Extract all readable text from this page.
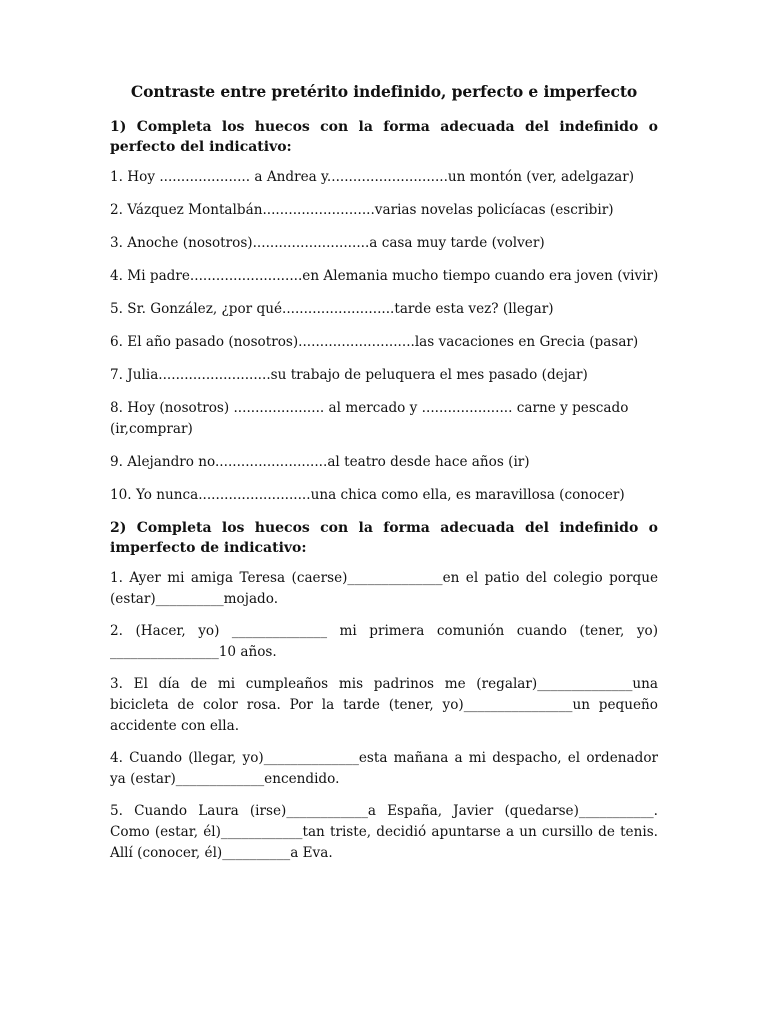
Contraste entre pretérito indefinido, perfecto e imperfecto
1) Completa los huecos con la forma adecuada del indefinido o perfecto del indicativo:
1. Hoy ..................... a Andrea y............................un montón (ver, adelgazar)
2. Vázquez Montalbán..........................varias novelas policíacas (escribir)
3. Anoche (nosotros)...........................a casa muy tarde (volver)
4. Mi padre..........................en Alemania mucho tiempo cuando era joven (vivir)
5. Sr. González, ¿por qué..........................tarde esta vez? (llegar)
6. El año pasado (nosotros)...........................las vacaciones en Grecia (pasar)
7. Julia..........................su trabajo de peluquera el mes pasado (dejar)
8. Hoy (nosotros) ..................... al mercado y ..................... carne y pescado (ir,comprar)
9. Alejandro no..........................al teatro desde hace años (ir)
10. Yo nunca..........................una chica como ella, es maravillosa (conocer)
2) Completa los huecos con la forma adecuada del indefinido o imperfecto de indicativo:
1. Ayer mi amiga Teresa (caerse)______________en el patio del colegio porque (estar)__________mojado.
2. (Hacer, yo) ______________ mi primera comunión cuando (tener, yo) ________________10 años.
3. El día de mi cumpleaños mis padrinos me (regalar)______________una bicicleta de color rosa. Por la tarde (tener, yo)________________un pequeño accidente con ella.
4. Cuando (llegar, yo)______________esta mañana a mi despacho, el ordenador ya (estar)_____________encendido.
5. Cuando Laura (irse)____________a España, Javier (quedarse)___________. Como (estar, él)____________tan triste, decidió apuntarse a un cursillo de tenis. Allí (conocer, él)__________a Eva.
